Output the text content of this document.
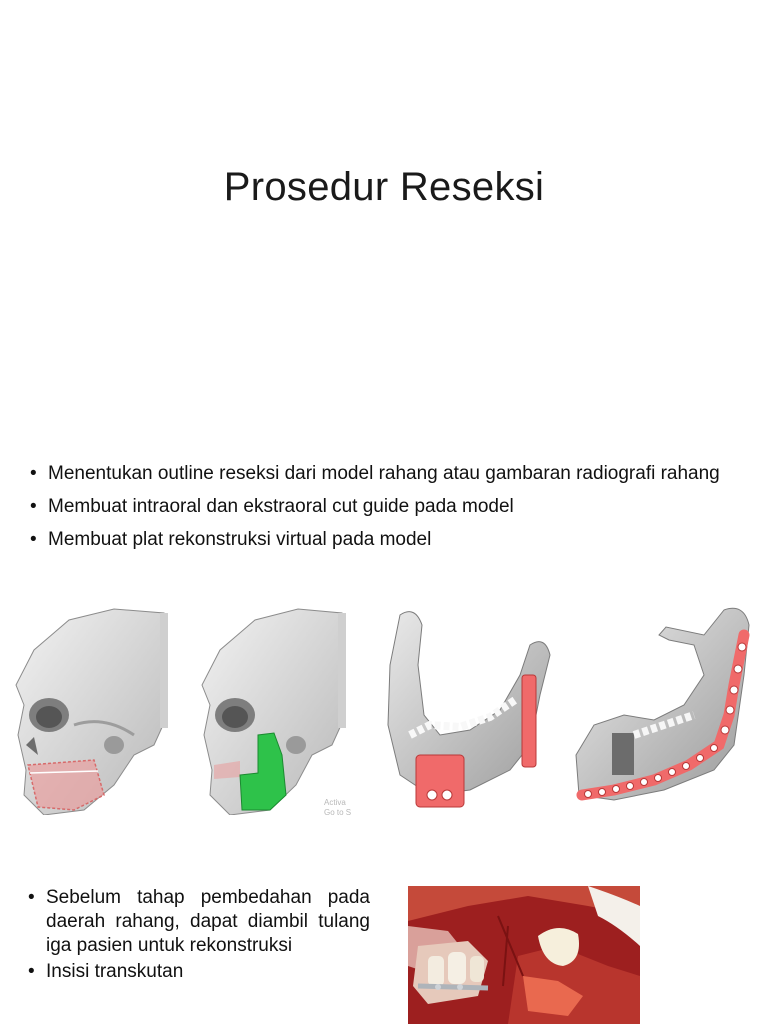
Prosedur Reseksi
• Menentukan outline reseksi dari model rahang atau gambaran radiografi rahang
• Membuat intraoral dan ekstraoral cut guide pada model
• Membuat plat rekonstruksi virtual pada model
Activa
Go to S
• Sebelum tahap pembedahan pada daerah rahang, dapat diambil tulang iga pasien untuk rekonstruksi
• Insisi transkutan
